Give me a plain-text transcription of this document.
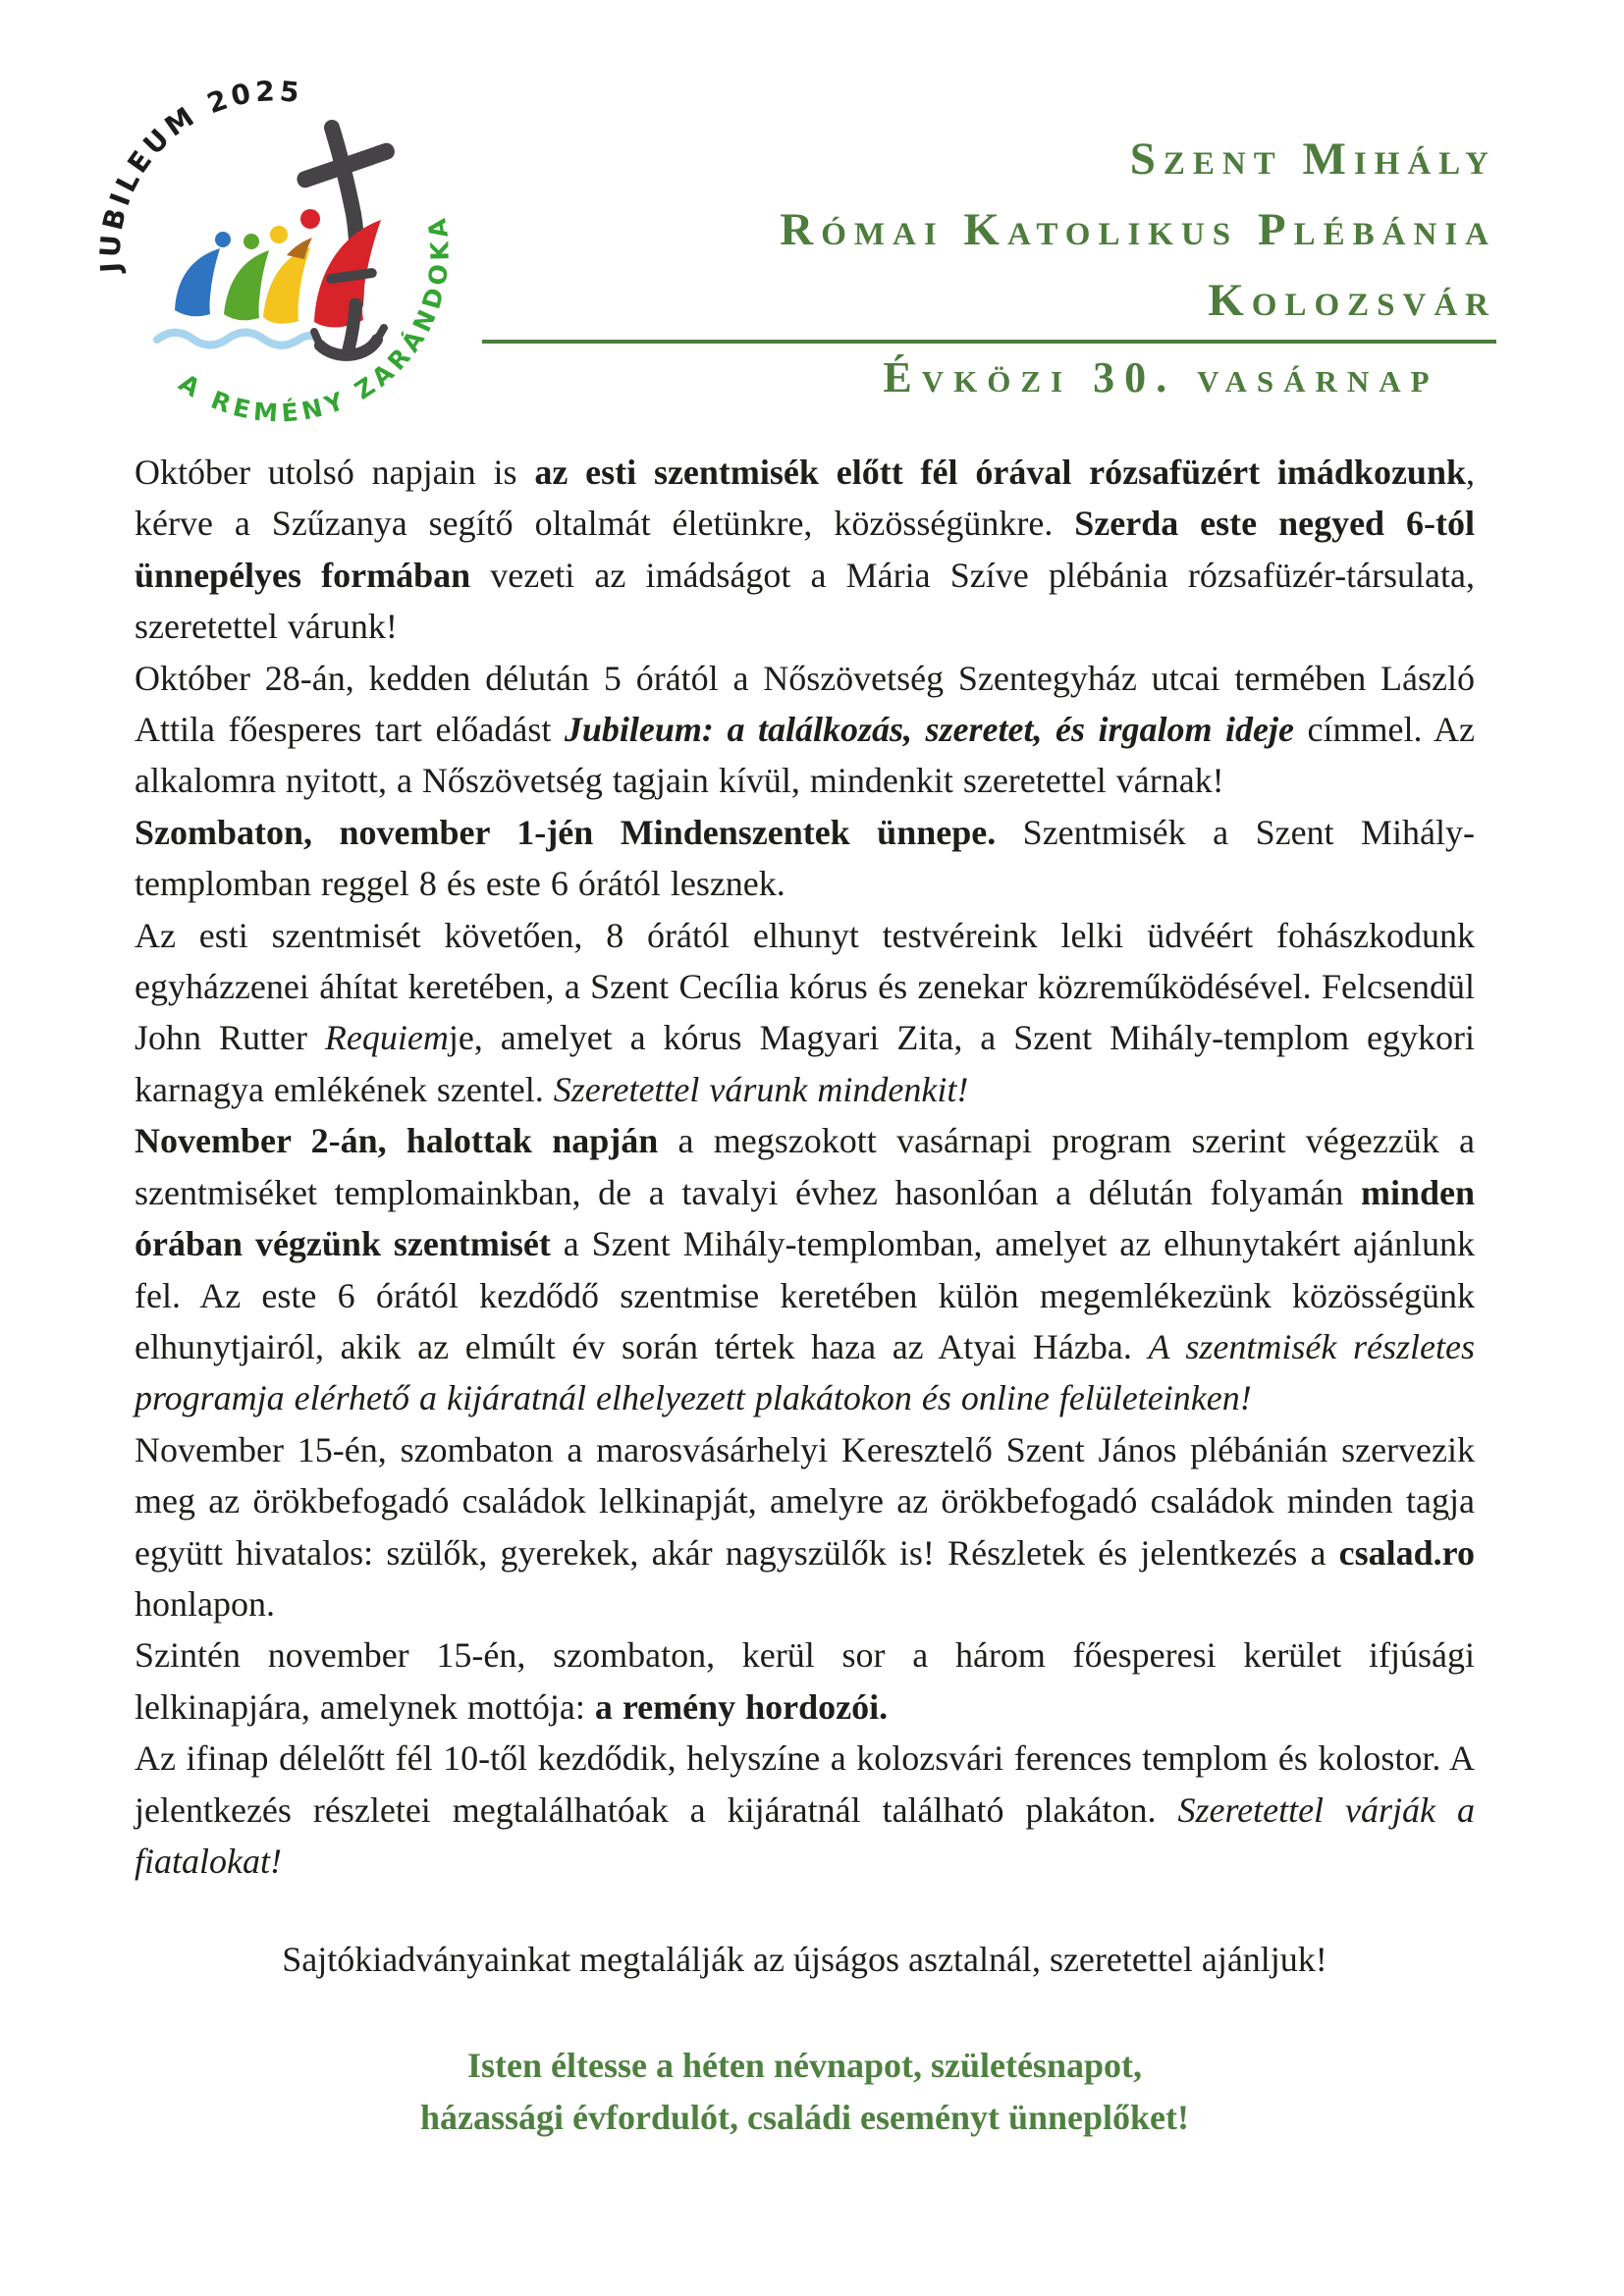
JUBILEUM 2025
A REMÉNY ZARÁNDOKAI
Szent Mihály
Római Katolikus Plébánia
Kolozsvár
Évközi 30. vasárnap

Október utolsó napjain is az esti szentmisék előtt fél órával rózsafüzért imádkozunk, kérve a Szűzanya segítő oltalmát életünkre, közösségünkre. Szerda este negyed 6-tól ünnepélyes formában vezeti az imádságot a Mária Szíve plébánia rózsafüzér-társulata, szeretettel várunk!

Október 28-án, kedden délután 5 órától a Nőszövetség Szentegyház utcai termében László Attila főesperes tart előadást Jubileum: a találkozás, szeretet, és irgalom ideje címmel. Az alkalomra nyitott, a Nőszövetség tagjain kívül, mindenkit szeretettel várnak!

Szombaton, november 1-jén Mindenszentek ünnepe. Szentmisék a Szent Mihály-templomban reggel 8 és este 6 órától lesznek.

Az esti szentmisét követően, 8 órától elhunyt testvéreink lelki üdvéért fohászkodunk egyházzenei áhítat keretében, a Szent Cecília kórus és zenekar közreműködésével. Felcsendül John Rutter Requiemje, amelyet a kórus Magyari Zita, a Szent Mihály-templom egykori karnagya emlékének szentel. Szeretettel várunk mindenkit!

November 2-án, halottak napján a megszokott vasárnapi program szerint végezzük a szentmiséket templomainkban, de a tavalyi évhez hasonlóan a délután folyamán minden órában végzünk szentmisét a Szent Mihály-templomban, amelyet az elhunytakért ajánlunk fel. Az este 6 órától kezdődő szentmise keretében külön megemlékezünk közösségünk elhunytjairól, akik az elmúlt év során tértek haza az Atyai Házba. A szentmisék részletes programja elérhető a kijáratnál elhelyezett plakátokon és online felületeinken!

November 15-én, szombaton a marosvásárhelyi Keresztelő Szent János plébánián szervezik meg az örökbefogadó családok lelkinapját, amelyre az örökbefogadó családok minden tagja együtt hivatalos: szülők, gyerekek, akár nagyszülők is! Részletek és jelentkezés a csalad.ro honlapon.

Szintén november 15-én, szombaton, kerül sor a három főesperesi kerület ifjúsági lelkinapjára, amelynek mottója: a remény hordozói.

Az ifinap délelőtt fél 10-től kezdődik, helyszíne a kolozsvári ferences templom és kolostor. A jelentkezés részletei megtalálhatóak a kijáratnál található plakáton. Szeretettel várják a fiatalokat!

Sajtókiadványainkat megtalálják az újságos asztalnál, szeretettel ajánljuk!

Isten éltesse a héten névnapot, születésnapot,
házassági évfordulót, családi eseményt ünneplőket!
